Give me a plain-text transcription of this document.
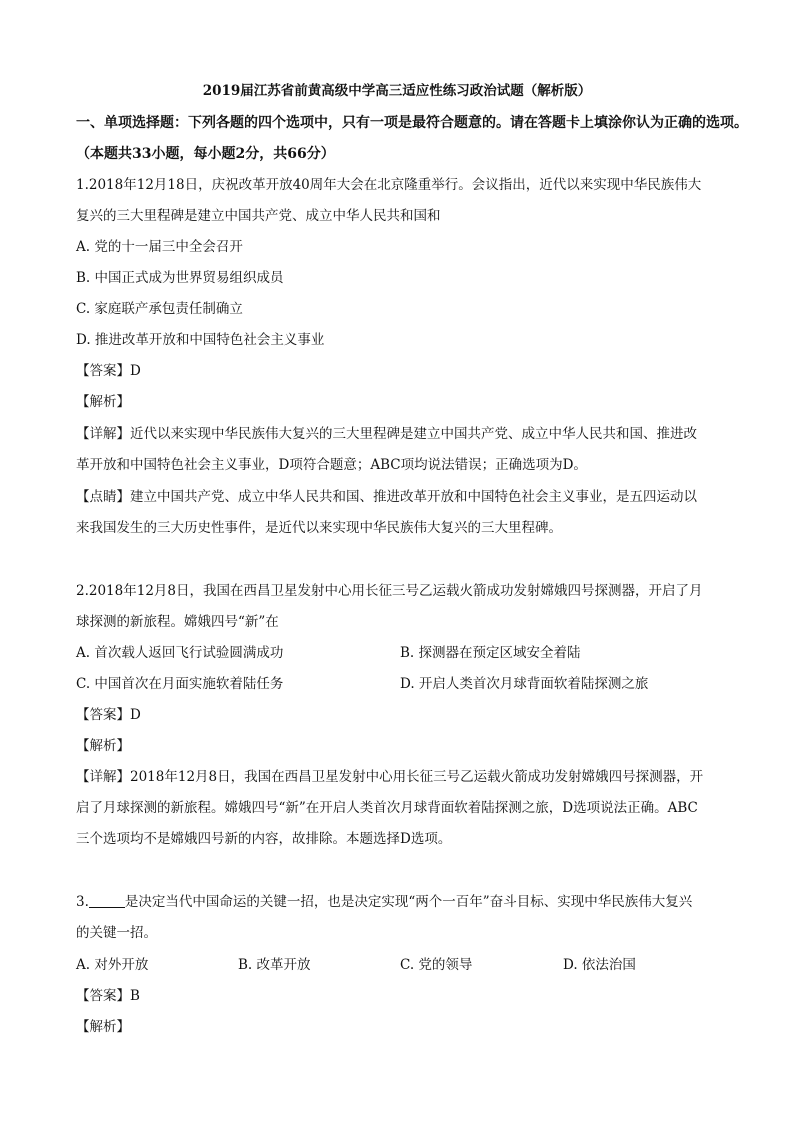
2019届江苏省前黄高级中学高三适应性练习政治试题（解析版）
一、单项选择题：下列各题的四个选项中，只有一项是最符合题意的。请在答题卡上填涂你认为正确的选项。
（本题共33小题，每小题2分，共66分）
1.2018年12月18日，庆祝改革开放40周年大会在北京隆重举行。会议指出，近代以来实现中华民族伟大
复兴的三大里程碑是建立中国共产党、成立中华人民共和国和
A. 党的十一届三中全会召开
B. 中国正式成为世界贸易组织成员
C. 家庭联产承包责任制确立
D. 推进改革开放和中国特色社会主义事业
【答案】D
【解析】
【详解】近代以来实现中华民族伟大复兴的三大里程碑是建立中国共产党、成立中华人民共和国、推进改
革开放和中国特色社会主义事业，D项符合题意；ABC项均说法错误；正确选项为D。
【点睛】建立中国共产党、成立中华人民共和国、推进改革开放和中国特色社会主义事业，是五四运动以
来我国发生的三大历史性事件，是近代以来实现中华民族伟大复兴的三大里程碑。
2.2018年12月8日，我国在西昌卫星发射中心用长征三号乙运载火箭成功发射嫦娥四号探测器，开启了月
球探测的新旅程。嫦娥四号“新”在
A. 首次载人返回飞行试验圆满成功	B. 探测器在预定区域安全着陆
C. 中国首次在月面实施软着陆任务	D. 开启人类首次月球背面软着陆探测之旅
【答案】D
【解析】
【详解】2018年12月8日，我国在西昌卫星发射中心用长征三号乙运载火箭成功发射嫦娥四号探测器，开
启了月球探测的新旅程。嫦娥四号“新”在开启人类首次月球背面软着陆探测之旅，D选项说法正确。ABC
三个选项均不是嫦娥四号新的内容，故排除。本题选择D选项。
3.	是决定当代中国命运的关键一招，也是决定实现“两个一百年”奋斗目标、实现中华民族伟大复兴
的关键一招。
A. 对外开放	B. 改革开放	C. 党的领导	D. 依法治国
【答案】B
【解析】
